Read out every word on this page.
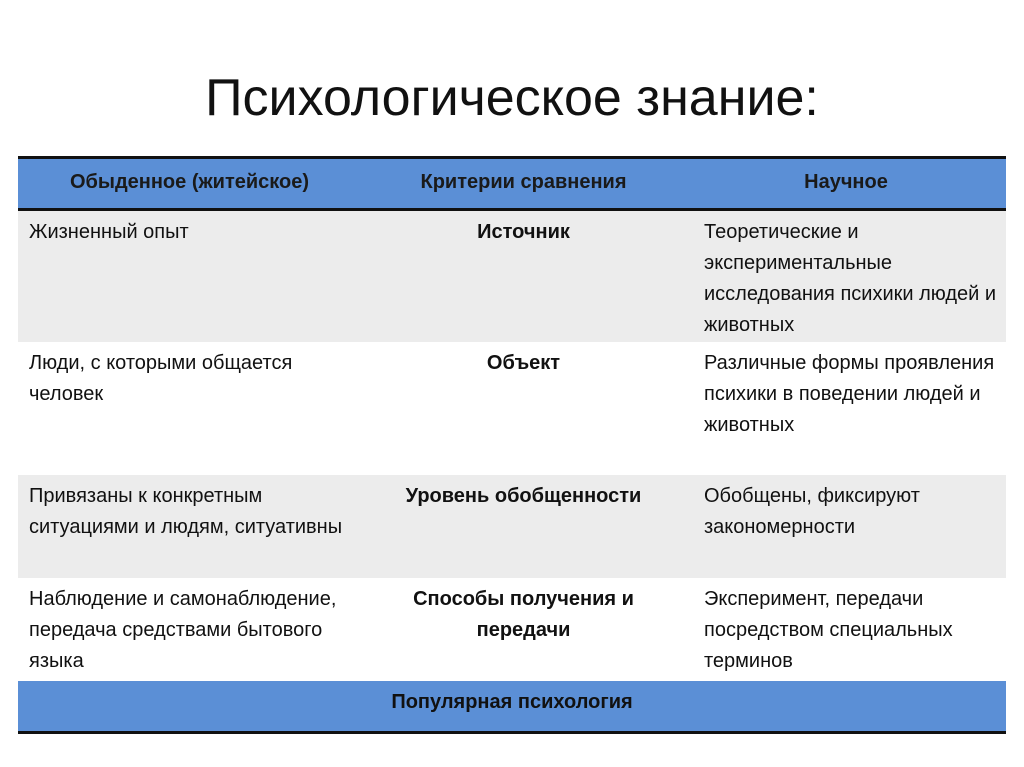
Психологическое знание:
Обыденное (житейское)	Критерии сравнения	Научное
Жизненный опыт	Источник	Теоретические и экспериментальные исследования психики людей и животных
Люди, с которыми общается человек	Объект	Различные формы проявления психики в поведении людей и животных
Привязаны к конкретным ситуациями и людям, ситуативны	Уровень обобщенности	Обобщены, фиксируют закономерности
Наблюдение и самонаблюдение, передача средствами бытового языка	Способы получения и передачи	Эксперимент, передачи посредством специальных терминов
Популярная психология		
